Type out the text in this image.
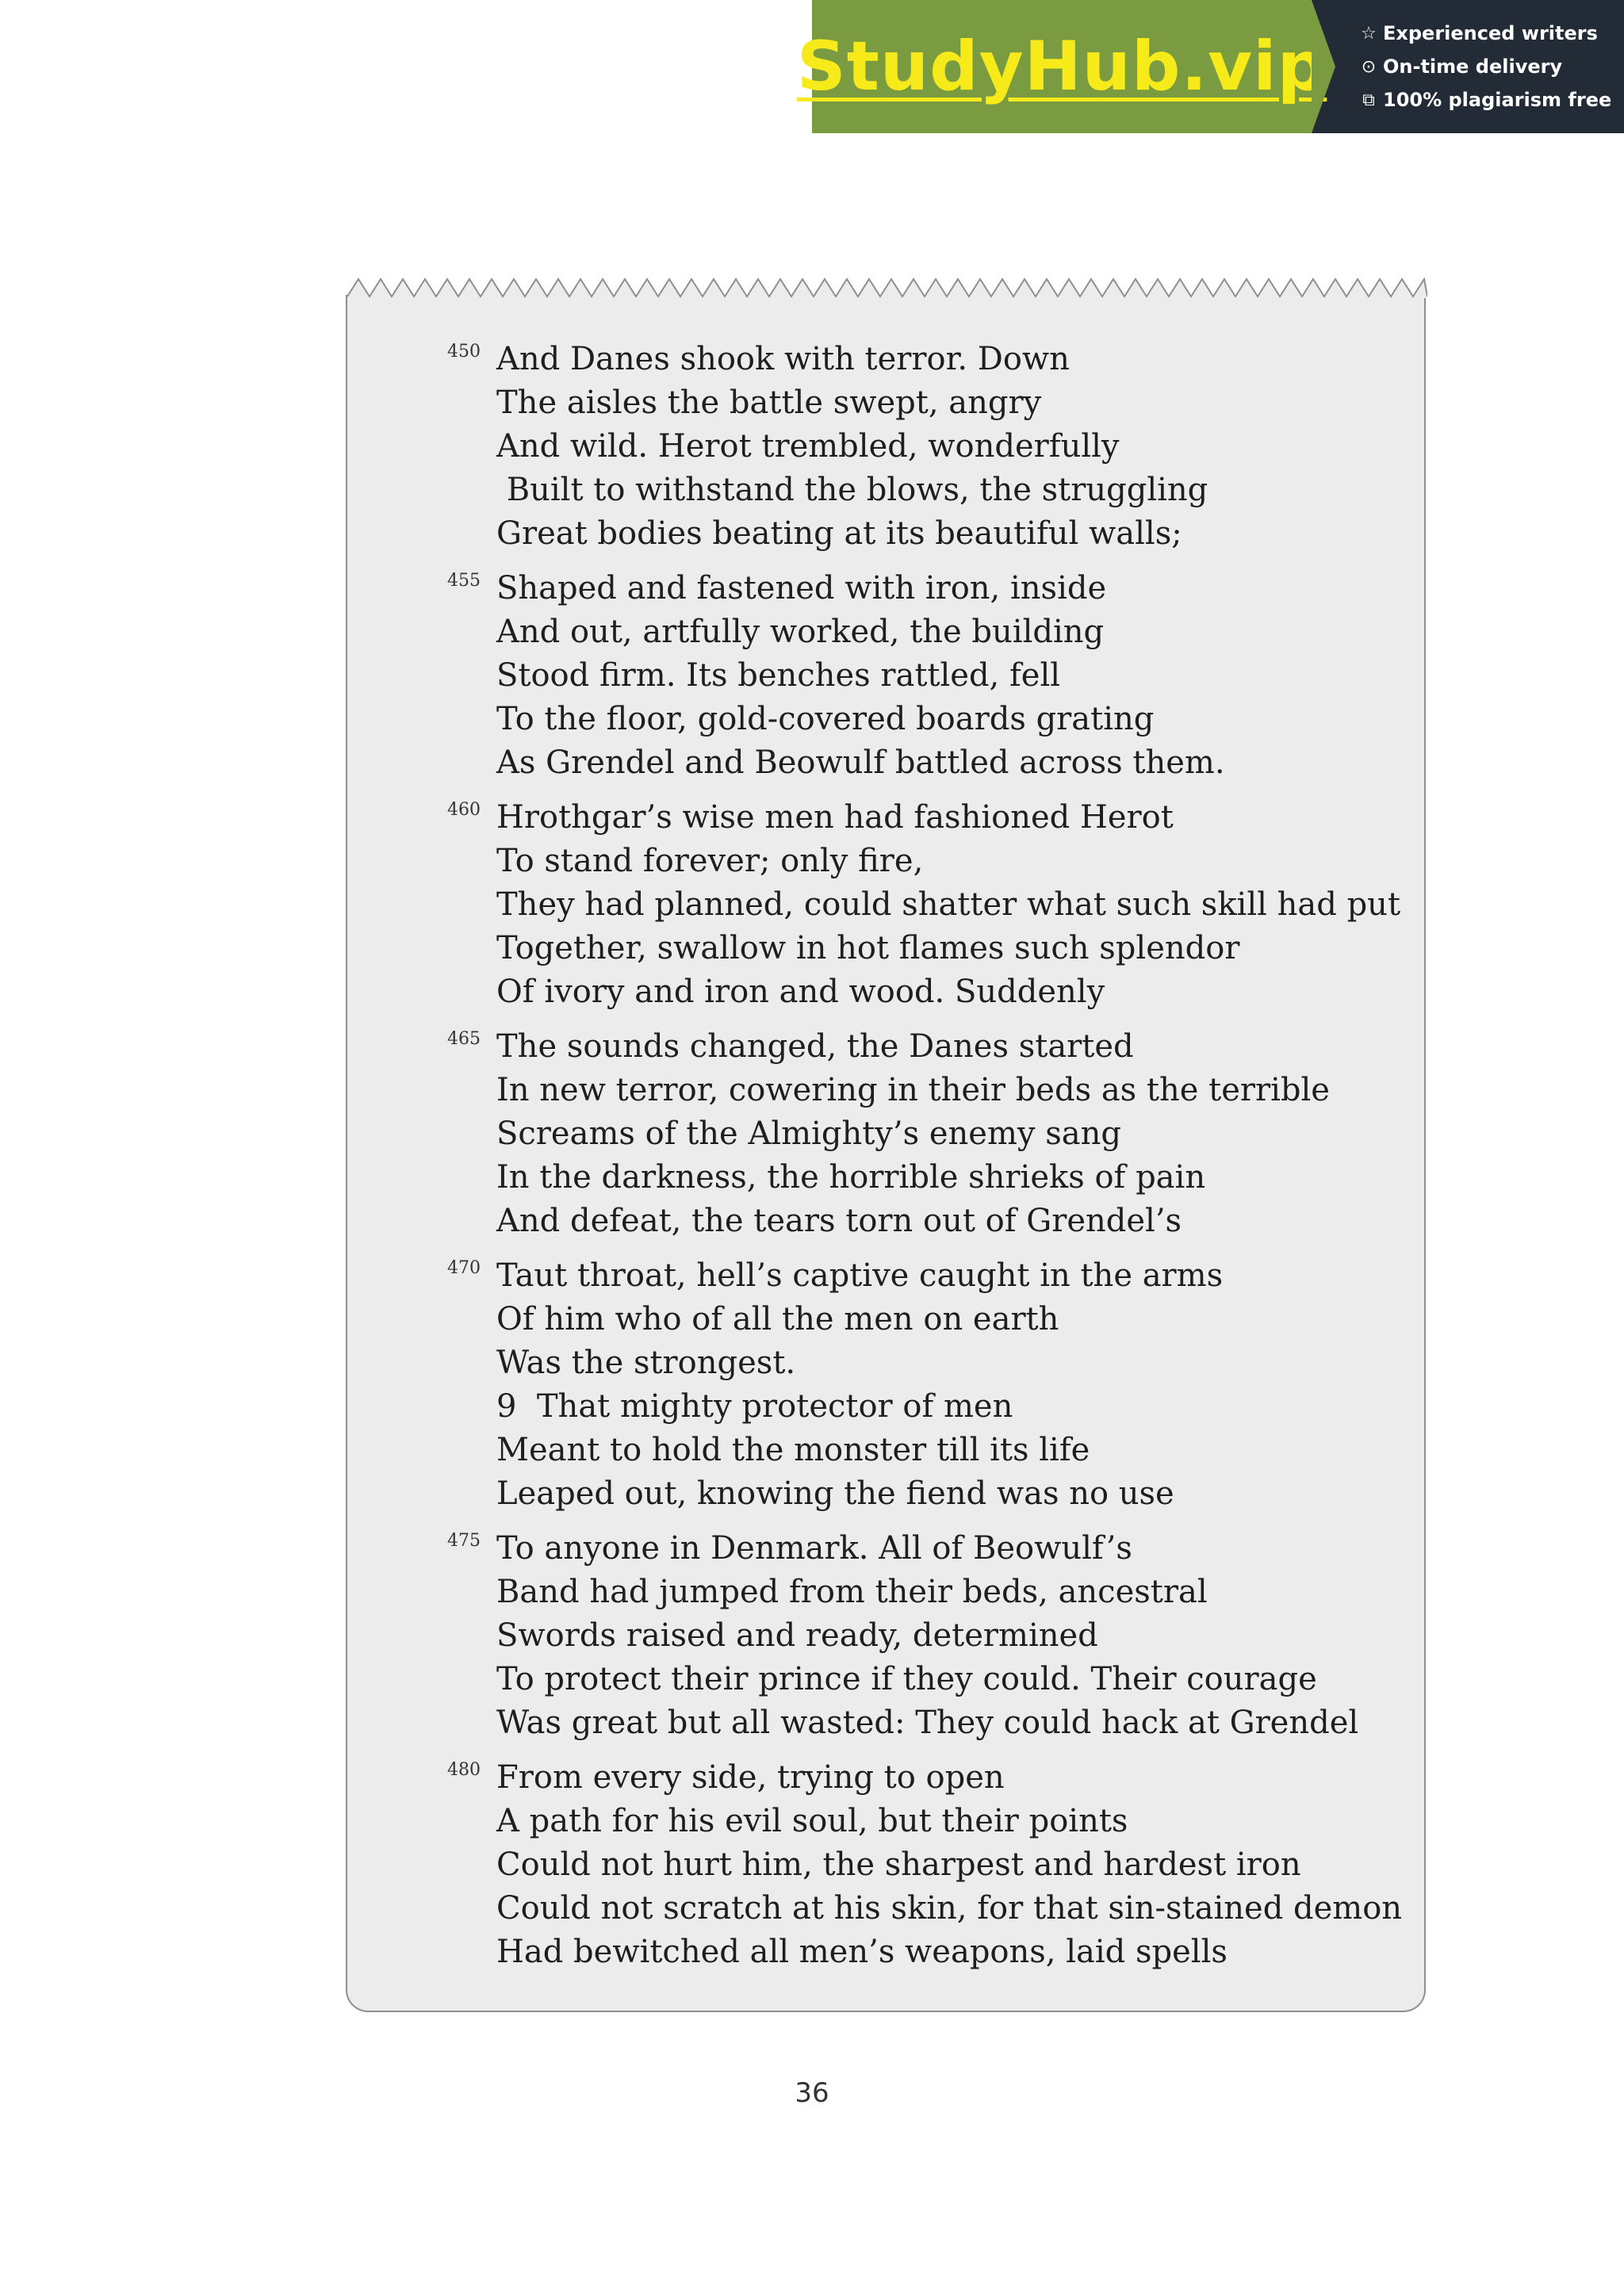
StudyHub.vip ☆ Experienced writers
⊙ On-time delivery
⧉ 100% plagiarism free
And Danes shook with terror. Down
450
The aisles the battle swept, angry
And wild. Herot trembled, wonderfully
Built to withstand the blows, the struggling
Great bodies beating at its beautiful walls;
Shaped and fastened with iron, inside
455
And out, artfully worked, the building
Stood firm. Its benches rattled, fell
To the floor, gold-covered boards grating
As Grendel and Beowulf battled across them.
Hrothgar’s wise men had fashioned Herot
460
To stand forever; only fire,
They had planned, could shatter what such skill had put
Together, swallow in hot flames such splendor
Of ivory and iron and wood. Suddenly
The sounds changed, the Danes started
465
In new terror, cowering in their beds as the terrible
Screams of the Almighty’s enemy sang
In the darkness, the horrible shrieks of pain
And defeat, the tears torn out of Grendel’s
Taut throat, hell’s captive caught in the arms
470
Of him who of all the men on earth
Was the strongest.
9  That mighty protector of men
Meant to hold the monster till its life
Leaped out, knowing the fiend was no use
To anyone in Denmark. All of Beowulf’s
475
Band had jumped from their beds, ancestral
Swords raised and ready, determined
To protect their prince if they could. Their courage
Was great but all wasted: They could hack at Grendel
From every side, trying to open
480
A path for his evil soul, but their points
Could not hurt him, the sharpest and hardest iron
Could not scratch at his skin, for that sin-stained demon
Had bewitched all men’s weapons, laid spells
36
